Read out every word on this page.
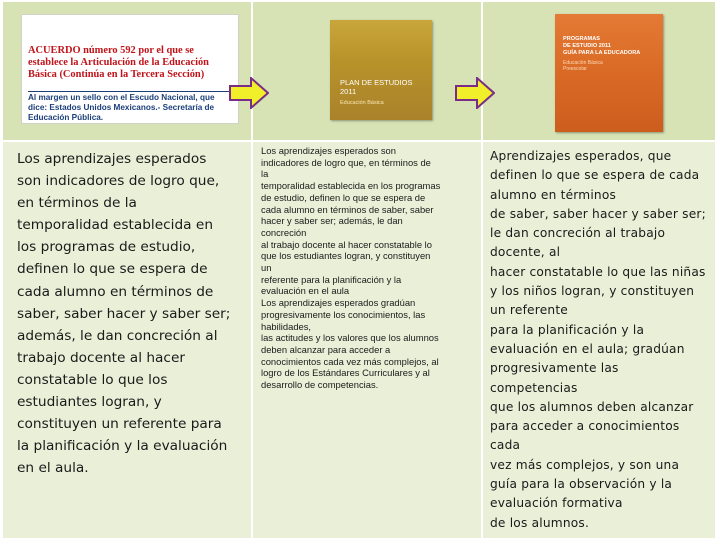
ACUERDO número 592 por el que se
establece la Articulación de la Educación
Básica (Continúa en la Tercera Sección)
Al margen un sello con el Escudo Nacional, que
dice: Estados Unidos Mexicanos.- Secretaría de
Educación Pública.
PLAN DE ESTUDIOS
2011
Educación Básica
PROGRAMAS
DE ESTUDIO 2011
GUÍA PARA LA EDUCADORA
Educación Básica
Preescolar
Los aprendizajes esperados
son indicadores de logro que,
en términos de la
temporalidad establecida en
los programas de estudio,
definen lo que se espera de
cada alumno en términos de
saber, saber hacer y saber ser;
además, le dan concreción al
trabajo docente al hacer
constatable lo que los
estudiantes logran, y
constituyen un referente para
la planificación y la evaluación
en el aula.
Los aprendizajes esperados son
indicadores de logro que, en términos de
la
temporalidad establecida en los programas
de estudio, definen lo que se espera de
cada alumno en términos de saber, saber
hacer y saber ser; además, le dan
concreción
al trabajo docente al hacer constatable lo
que los estudiantes logran, y constituyen
un
referente para la planificación y la
evaluación en el aula
Los aprendizajes esperados gradúan
progresivamente los conocimientos, las
habilidades,
las actitudes y los valores que los alumnos
deben alcanzar para acceder a
conocimientos cada vez más complejos, al
logro de los Estándares Curriculares y al
desarrollo de competencias.
Aprendizajes esperados, que
definen lo que se espera de cada
alumno en términos
de saber, saber hacer y saber ser;
le dan concreción al trabajo
docente, al
hacer constatable lo que las niñas
y los niños logran, y constituyen
un referente
para la planificación y la
evaluación en el aula; gradúan
progresivamente las
competencias
que los alumnos deben alcanzar
para acceder a conocimientos
cada
vez más complejos, y son una
guía para la observación y la
evaluación formativa
de los alumnos.
